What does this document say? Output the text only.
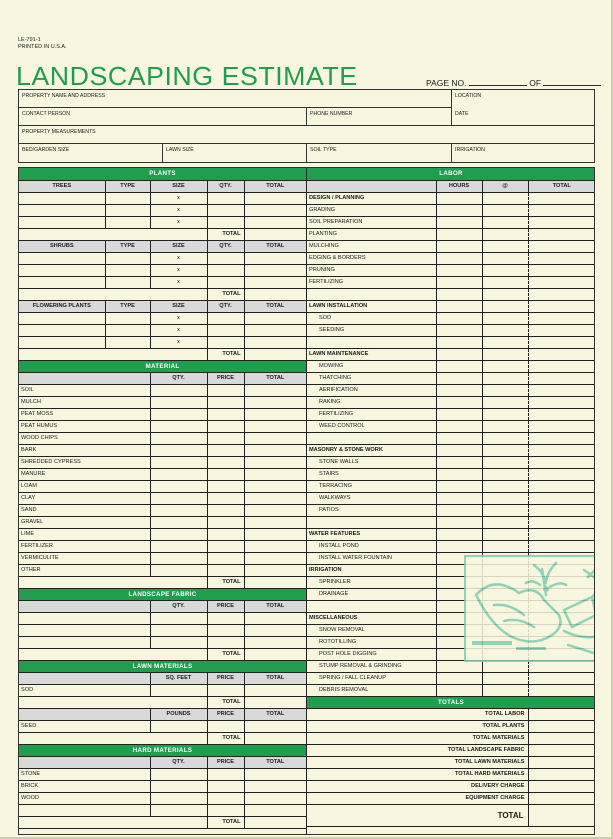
LE-791-1
PRINTED IN U.S.A.
LANDSCAPING ESTIMATE	PAGE NO.	OF
PROPERTY NAME AND ADDRESS	LOCATION
CONTACT PERSON	PHONE NUMBER	DATE
PROPERTY MEASUREMENTS
BED/GARDEN SIZE	LAWN SIZE	SOIL TYPE	IRRIGATION
PLANTS				
TREES	TYPE	SIZE	QTY.	TOTAL
		x		
		x		
		x		
			TOTAL	
SHRUBS	TYPE	SIZE	QTY.	TOTAL
		x		
		x		
		x		
			TOTAL	
FLOWERING PLANTS	TYPE	SIZE	QTY.	TOTAL
		x		
		x		
		x		
			TOTAL	
MATERIAL				
		QTY.	PRICE	TOTAL
SOIL				
MULCH				
PEAT MOSS				
PEAT HUMUS				
WOOD CHIPS				
BARK				
SHREDDED CYPRESS				
MANURE				
LOAM				
CLAY				
SAND				
GRAVEL				
LIME				
FERTILIZER				
VERMICULITE				
OTHER				
			TOTAL	
LANDSCAPE FABRIC				
		QTY.	PRICE	TOTAL

			TOTAL	
LAWN MATERIALS				
		SQ. FEET	PRICE	TOTAL
SOD				
			TOTAL	
		POUNDS	PRICE	TOTAL
SEED				
			TOTAL	
HARD MATERIALS				
		QTY.	PRICE	TOTAL
STONE				
BRICK				
WOOD				

			TOTAL	
LABOR			
	HOURS	@	TOTAL
DESIGN / PLANNING			
GRADING			
SOIL PREPARATION			
PLANTING			
MULCHING			
EDGING & BORDERS			
PRUNING			
FERTILIZING			

LAWN INSTALLATION			
SOD			
SEEDING			

LAWN MAINTENANCE			
MOWING			
THATCHING			
AERIFICATION			
RAKING			
FERTILIZING			
WEED CONTROL			

MASONRY & STONE WORK			
STONE WALLS			
STAIRS			
TERRACING			
WALKWAYS			
PATIOS			

WATER FEATURES			
INSTALL POND			
INSTALL WATER FOUNTAIN			
IRRIGATION			
SPRINKLER			
DRAINAGE			

MISCELLANEOUS			
SNOW REMOVAL			
ROTOTILLING			
POST HOLE DIGGING			
STUMP REMOVAL & GRINDING			
SPRING / FALL CLEANUP			
DEBRIS REMOVAL			
TOTALS			
TOTAL LABOR			
TOTAL PLANTS			
TOTAL MATERIALS			
TOTAL LANDSCAPE FABRIC			
TOTAL LAWN MATERIALS			
TOTAL HARD MATERIALS			
DELIVERY CHARGE			
EQUIPMENT CHARGE			
TOTAL			
